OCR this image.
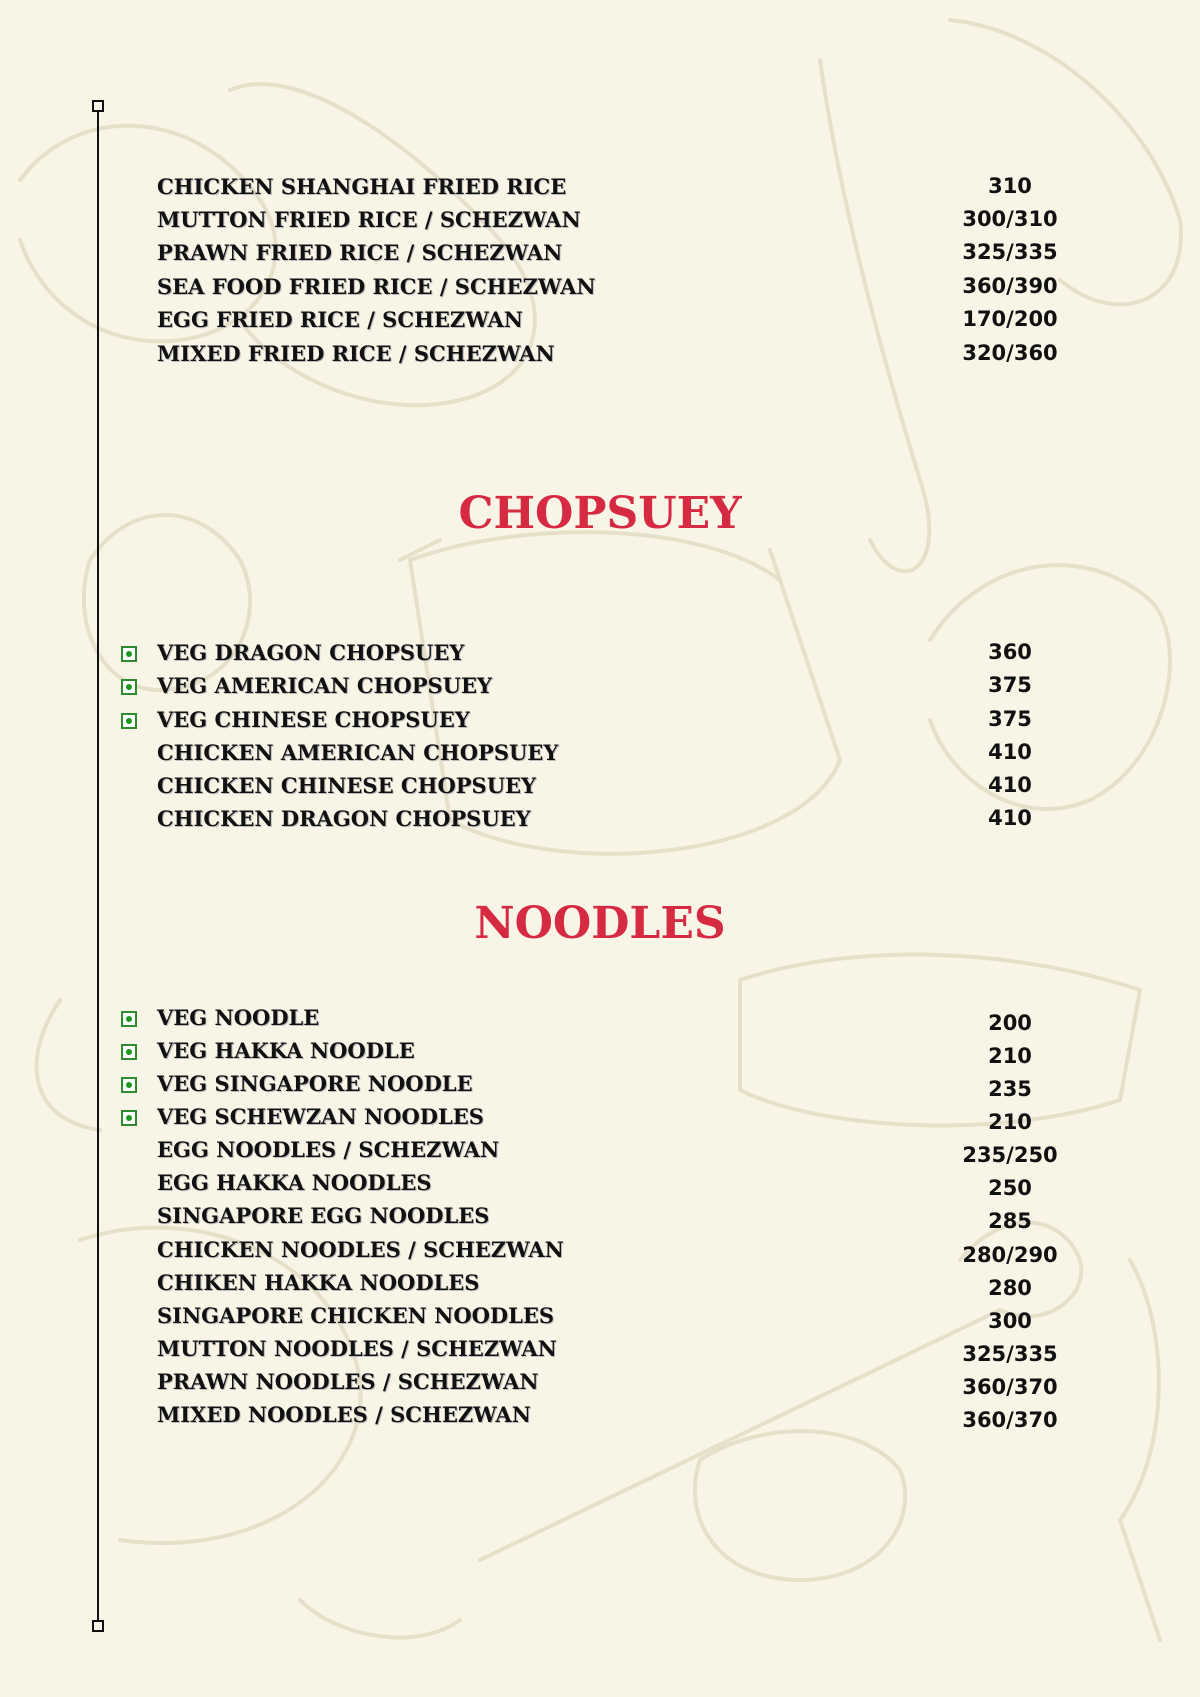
CHICKEN SHANGHAI FRIED RICE	310
MUTTON FRIED RICE / SCHEZWAN	300/310
PRAWN FRIED RICE / SCHEZWAN	325/335
SEA FOOD FRIED RICE / SCHEZWAN	360/390
EGG FRIED RICE / SCHEZWAN	170/200
MIXED FRIED RICE / SCHEZWAN	320/360
CHOPSUEY
VEG DRAGON CHOPSUEY	360
VEG AMERICAN CHOPSUEY	375
VEG CHINESE CHOPSUEY	375
CHICKEN AMERICAN CHOPSUEY	410
CHICKEN CHINESE CHOPSUEY	410
CHICKEN DRAGON CHOPSUEY	410
NOODLES
VEG NOODLE	200
VEG HAKKA NOODLE	210
VEG SINGAPORE NOODLE	235
VEG SCHEWZAN NOODLES	210
EGG NOODLES / SCHEZWAN	235/250
EGG HAKKA NOODLES	250
SINGAPORE EGG NOODLES	285
CHICKEN NOODLES / SCHEZWAN	280/290
CHIKEN HAKKA NOODLES	280
SINGAPORE CHICKEN NOODLES	300
MUTTON NOODLES / SCHEZWAN	325/335
PRAWN NOODLES / SCHEZWAN	360/370
MIXED NOODLES / SCHEZWAN	360/370
